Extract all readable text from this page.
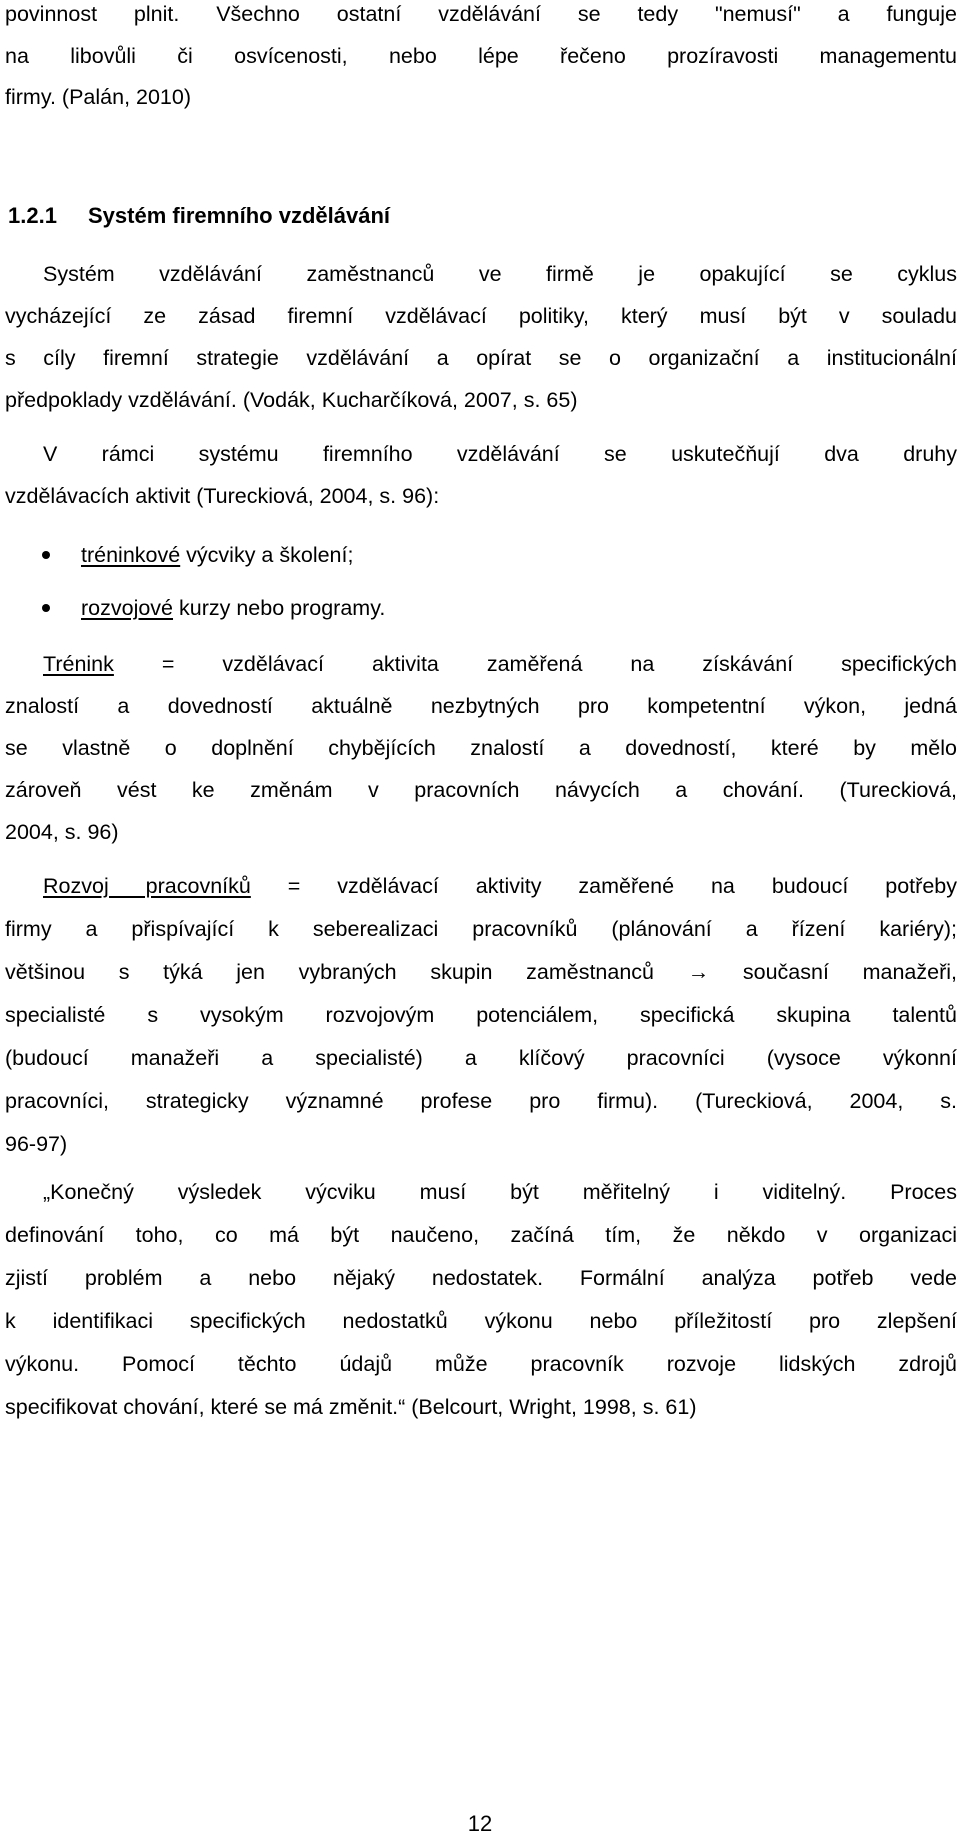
povinnost plnit. Všechno ostatní vzdělávání se tedy "nemusí" a funguje
na libovůli či osvícenosti, nebo lépe řečeno prozíravosti managementu
firmy. (Palán, 2010)
1.2.1 Systém firemního vzdělávání
Systém vzdělávání zaměstnanců ve firmě je opakující se cyklus
vycházející ze zásad firemní vzdělávací politiky, který musí být v souladu
s cíly firemní strategie vzdělávání a opírat se o organizační a institucionální
předpoklady vzdělávání. (Vodák, Kucharčíková, 2007, s. 65)
V rámci systému firemního vzdělávání se uskutečňují dva druhy
vzdělávacích aktivit (Tureckiová, 2004, s. 96):
tréninkové výcviky a školení;
rozvojové kurzy nebo programy.
Trénink = vzdělávací aktivita zaměřená na získávání specifických
znalostí a dovedností aktuálně nezbytných pro kompetentní výkon, jedná
se vlastně o doplnění chybějících znalostí a dovedností, které by mělo
zároveň vést ke změnám v pracovních návycích a chování. (Tureckiová,
2004, s. 96)
Rozvoj pracovníků = vzdělávací aktivity zaměřené na budoucí potřeby
firmy a přispívající k seberealizaci pracovníků (plánování a řízení kariéry);
většinou s týká jen vybraných skupin zaměstnanců → současní manažeři,
specialisté s vysokým rozvojovým potenciálem, specifická skupina talentů
(budoucí manažeři a specialisté) a klíčový pracovníci (vysoce výkonní
pracovníci, strategicky významné profese pro firmu). (Tureckiová, 2004, s.
96-97)
„Konečný výsledek výcviku musí být měřitelný i viditelný. Proces
definování toho, co má být naučeno, začíná tím, že někdo v organizaci
zjistí problém a nebo nějaký nedostatek. Formální analýza potřeb vede
k identifikaci specifických nedostatků výkonu nebo příležitostí pro zlepšení
výkonu. Pomocí těchto údajů může pracovník rozvoje lidských zdrojů
specifikovat chování, které se má změnit.“ (Belcourt, Wright, 1998, s. 61)
12
